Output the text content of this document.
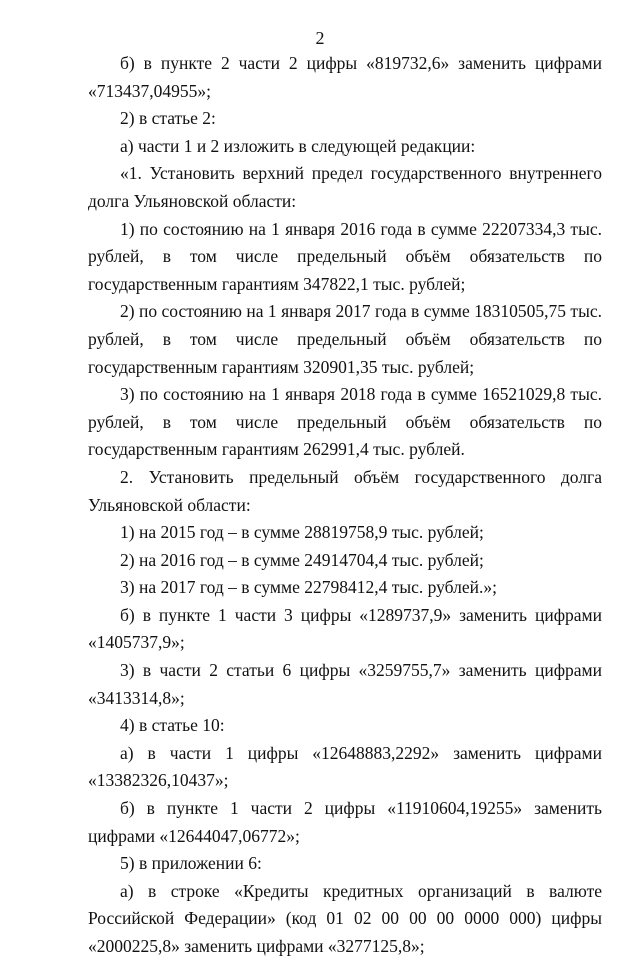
2

б) в пункте 2 части 2 цифры «819732,6» заменить цифрами «713437,04955»;

2) в статье 2:

а) части 1 и 2 изложить в следующей редакции:

«1. Установить верхний предел государственного внутреннего долга Ульяновской области:

1) по состоянию на 1 января 2016 года в сумме 22207334,3 тыс. рублей, в том числе предельный объём обязательств по государственным гарантиям 347822,1 тыс. рублей;

2) по состоянию на 1 января 2017 года в сумме 18310505,75 тыс. рублей, в том числе предельный объём обязательств по государственным гарантиям 320901,35 тыс. рублей;

3) по состоянию на 1 января 2018 года в сумме 16521029,8 тыс. рублей, в том числе предельный объём обязательств по государственным гарантиям 262991,4 тыс. рублей.

2. Установить предельный объём государственного долга Ульяновской области:

1) на 2015 год – в сумме 28819758,9 тыс. рублей;

2) на 2016 год – в сумме 24914704,4 тыс. рублей;

3) на 2017 год – в сумме 22798412,4 тыс. рублей.»;

б) в пункте 1 части 3 цифры «1289737,9» заменить цифрами «1405737,9»;

3) в части 2 статьи 6 цифры «3259755,7» заменить цифрами «3413314,8»;

4) в статье 10:

а) в части 1 цифры «12648883,2292» заменить цифрами «13382326,10437»;

б) в пункте 1 части 2 цифры «11910604,19255» заменить цифрами «12644047,06772»;

5) в приложении 6:

а) в строке «Кредиты кредитных организаций в валюте Российской Федерации» (код 01 02 00 00 00 0000 000) цифры «2000225,8» заменить цифрами «3277125,8»;
